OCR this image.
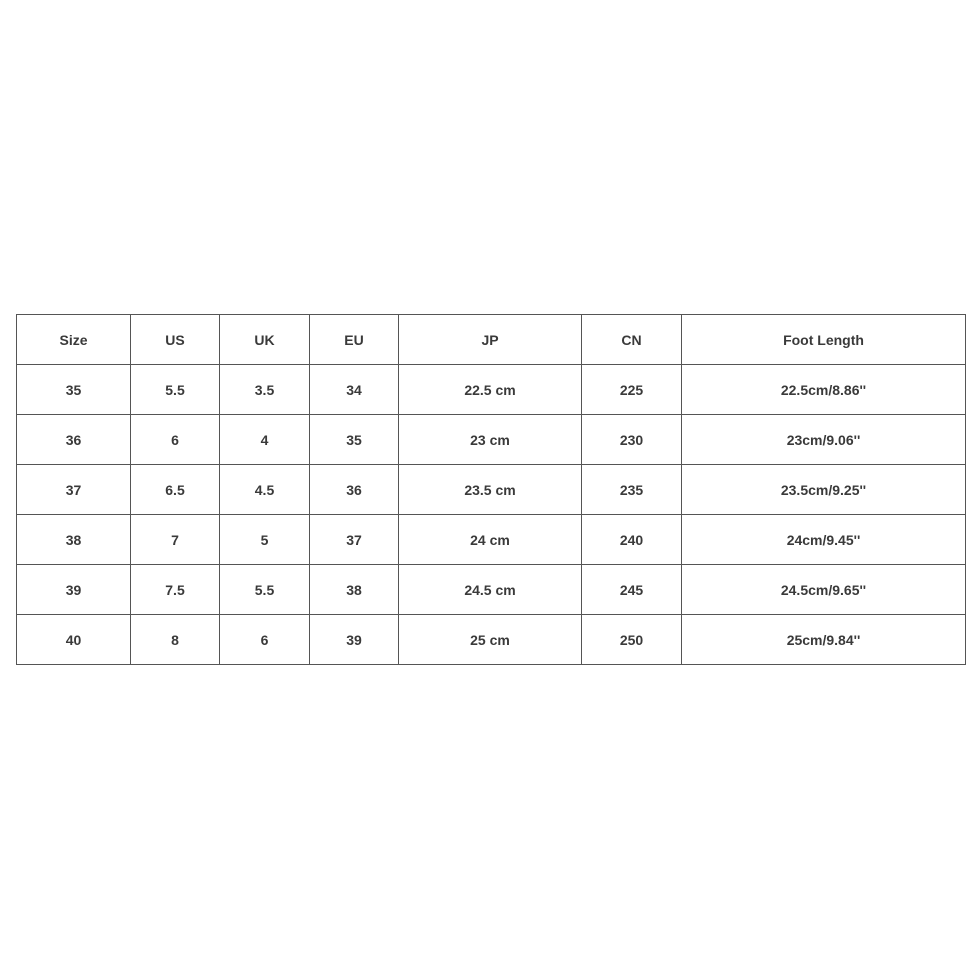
Size	US	UK	EU	JP	CN	Foot Length
35	5.5	3.5	34	22.5 cm	225	22.5cm/8.86''
36	6	4	35	23 cm	230	23cm/9.06''
37	6.5	4.5	36	23.5 cm	235	23.5cm/9.25''
38	7	5	37	24 cm	240	24cm/9.45''
39	7.5	5.5	38	24.5 cm	245	24.5cm/9.65''
40	8	6	39	25 cm	250	25cm/9.84''
